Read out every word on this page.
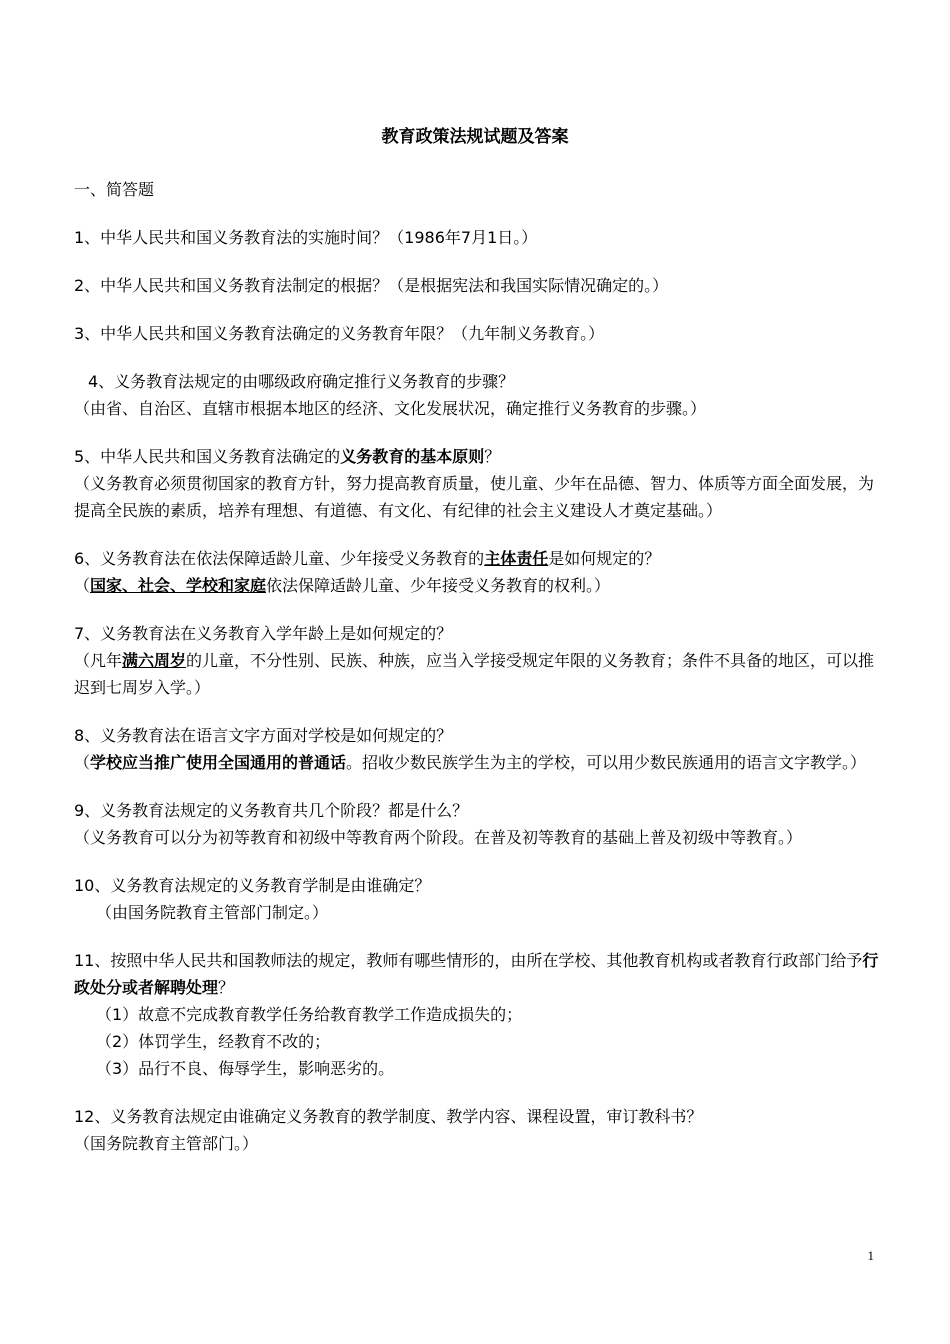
教育政策法规试题及答案

一、简答题

1、中华人民共和国义务教育法的实施时间？（1986年7月1日。）

2、中华人民共和国义务教育法制定的根据？（是根据宪法和我国实际情况确定的。）

3、中华人民共和国义务教育法确定的义务教育年限？（九年制义务教育。）

4、义务教育法规定的由哪级政府确定推行义务教育的步骤？

（由省、自治区、直辖市根据本地区的经济、文化发展状况，确定推行义务教育的步骤。）

5、中华人民共和国义务教育法确定的义务教育的基本原则？

（义务教育必须贯彻国家的教育方针，努力提高教育质量，使儿童、少年在品德、智力、体质等方面全面发展，为提高全民族的素质，培养有理想、有道德、有文化、有纪律的社会主义建设人才奠定基础。）

6、义务教育法在依法保障适龄儿童、少年接受义务教育的主体责任是如何规定的？

（国家、社会、学校和家庭依法保障适龄儿童、少年接受义务教育的权利。）

7、义务教育法在义务教育入学年龄上是如何规定的？

（凡年满六周岁的儿童，不分性别、民族、种族，应当入学接受规定年限的义务教育；条件不具备的地区，可以推迟到七周岁入学。）

8、义务教育法在语言文字方面对学校是如何规定的？

（学校应当推广使用全国通用的普通话。招收少数民族学生为主的学校，可以用少数民族通用的语言文字教学。）

9、义务教育法规定的义务教育共几个阶段？都是什么？

（义务教育可以分为初等教育和初级中等教育两个阶段。在普及初等教育的基础上普及初级中等教育。）

10、义务教育法规定的义务教育学制是由谁确定？

（由国务院教育主管部门制定。）

11、按照中华人民共和国教师法的规定，教师有哪些情形的，由所在学校、其他教育机构或者教育行政部门给予行政处分或者解聘处理？

（1）故意不完成教育教学任务给教育教学工作造成损失的；

（2）体罚学生，经教育不改的；

（3）品行不良、侮辱学生，影响恶劣的。

12、义务教育法规定由谁确定义务教育的教学制度、教学内容、课程设置，审订教科书？

（国务院教育主管部门。）

1
